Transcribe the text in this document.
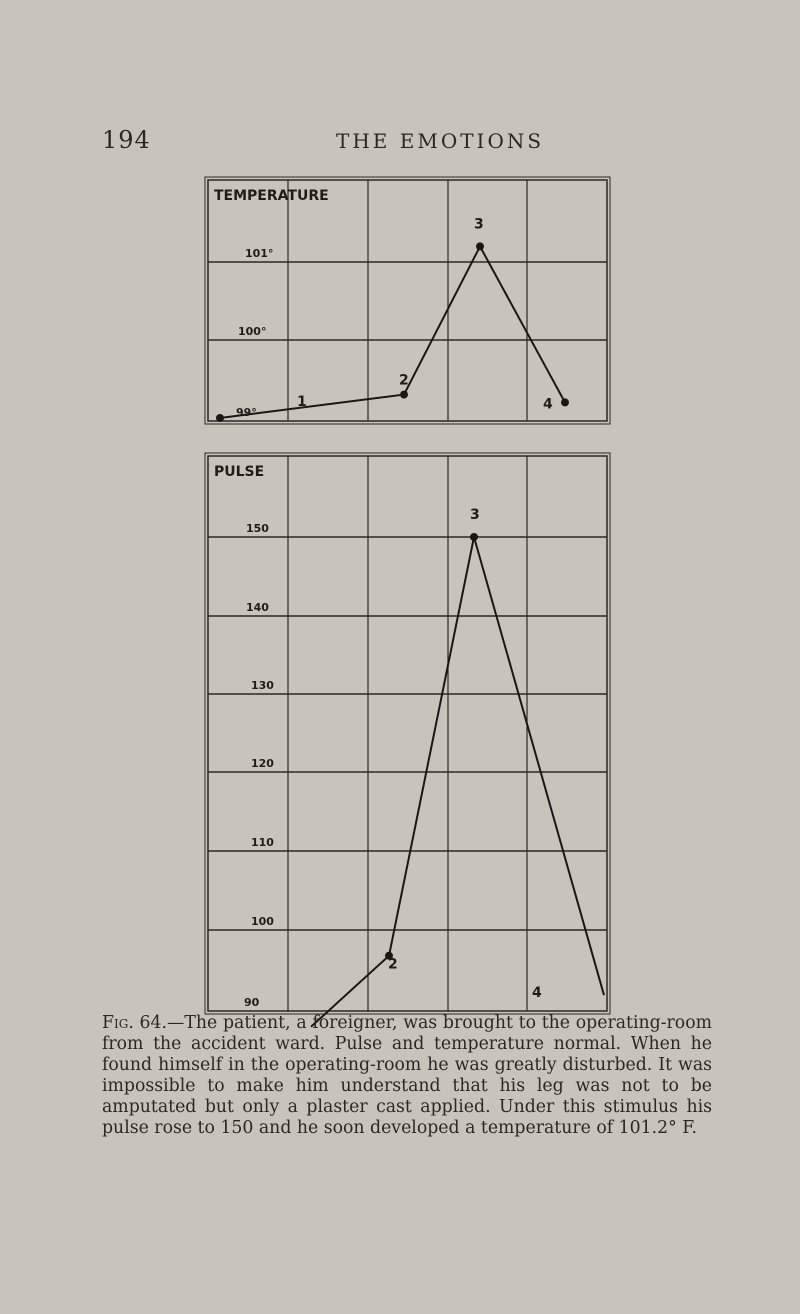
194	THE EMOTIONS
TEMPERATURE
101°
100°
99°
1
2
3
4
PULSE
150
140
130
120
110
100
90
2
3
4
Fig. 64.—The patient, a foreigner, was brought to the operating-room from the accident ward. Pulse and temperature normal. When he found himself in the operating-room he was greatly disturbed. It was impossible to make him understand that his leg was not to be amputated but only a plaster cast applied. Under this stimulus his pulse rose to 150 and he soon developed a temperature of 101.2° F.
